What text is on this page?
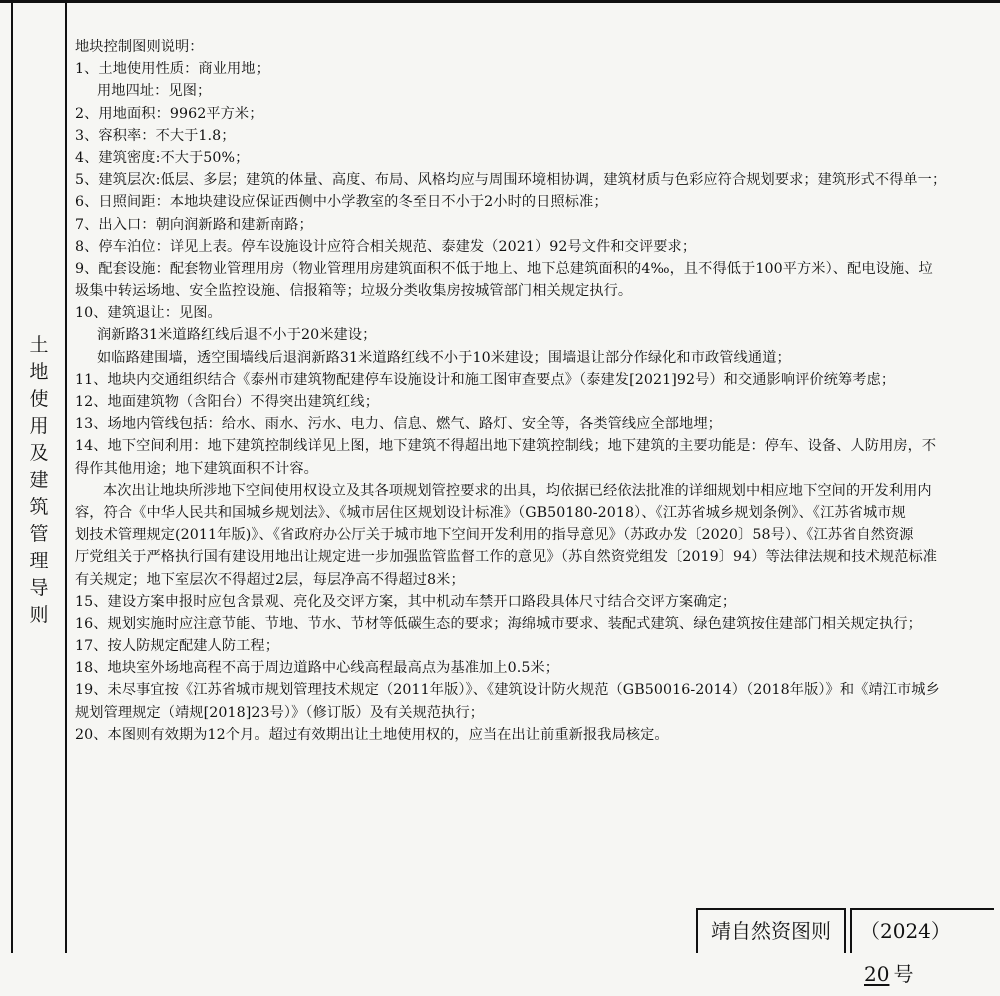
土
地
使
用
及
建
筑
管
理
导
则
地块控制图则说明：
1、土地使用性质：商业用地；
用地四址：见图；
2、用地面积：9962平方米；
3、容积率：不大于1.8；
4、建筑密度:不大于50%；
5、建筑层次:低层、多层；建筑的体量、高度、布局、风格均应与周围环境相协调，建筑材质与色彩应符合规划要求；建筑形式不得单一；
6、日照间距：本地块建设应保证西侧中小学教室的冬至日不小于2小时的日照标准；
7、出入口：朝向润新路和建新南路；
8、停车泊位：详见上表。停车设施设计应符合相关规范、泰建发（2021）92号文件和交评要求；
9、配套设施：配套物业管理用房（物业管理用房建筑面积不低于地上、地下总建筑面积的4‰，且不得低于100平方米）、配电设施、垃
圾集中转运场地、安全监控设施、信报箱等；垃圾分类收集房按城管部门相关规定执行。
10、建筑退让：见图。
润新路31米道路红线后退不小于20米建设；
如临路建围墙，透空围墙线后退润新路31米道路红线不小于10米建设；围墙退让部分作绿化和市政管线通道；
11、地块内交通组织结合《泰州市建筑物配建停车设施设计和施工图审查要点》（泰建发[2021]92号）和交通影响评价统筹考虑；
12、地面建筑物（含阳台）不得突出建筑红线；
13、场地内管线包括：给水、雨水、污水、电力、信息、燃气、路灯、安全等，各类管线应全部地埋；
14、地下空间利用：地下建筑控制线详见上图，地下建筑不得超出地下建筑控制线；地下建筑的主要功能是：停车、设备、人防用房，不
得作其他用途；地下建筑面积不计容。
本次出让地块所涉地下空间使用权设立及其各项规划管控要求的出具，均依据已经依法批准的详细规划中相应地下空间的开发利用内
容，符合《中华人民共和国城乡规划法》、《城市居住区规划设计标准》（GB50180-2018）、《江苏省城乡规划条例》、《江苏省城市规
划技术管理规定(2011年版)》、《省政府办公厅关于城市地下空间开发利用的指导意见》（苏政办发〔2020〕58号）、《江苏省自然资源
厅党组关于严格执行国有建设用地出让规定进一步加强监管监督工作的意见》（苏自然资党组发〔2019〕94）等法律法规和技术规范标准
有关规定；地下室层次不得超过2层，每层净高不得超过8米；
15、建设方案申报时应包含景观、亮化及交评方案，其中机动车禁开口路段具体尺寸结合交评方案确定；
16、规划实施时应注意节能、节地、节水、节材等低碳生态的要求；海绵城市要求、装配式建筑、绿色建筑按住建部门相关规定执行；
17、按人防规定配建人防工程；
18、地块室外场地高程不高于周边道路中心线高程最高点为基准加上0.5米；
19、未尽事宜按《江苏省城市规划管理技术规定（2011年版）》、《建筑设计防火规范（GB50016-2014）（2018年版）》和《靖江市城乡
规划管理规定（靖规[2018]23号）》（修订版）及有关规范执行；
20、本图则有效期为12个月。超过有效期出让土地使用权的，应当在出让前重新报我局核定。
靖自然资图则	（2024）20 号
